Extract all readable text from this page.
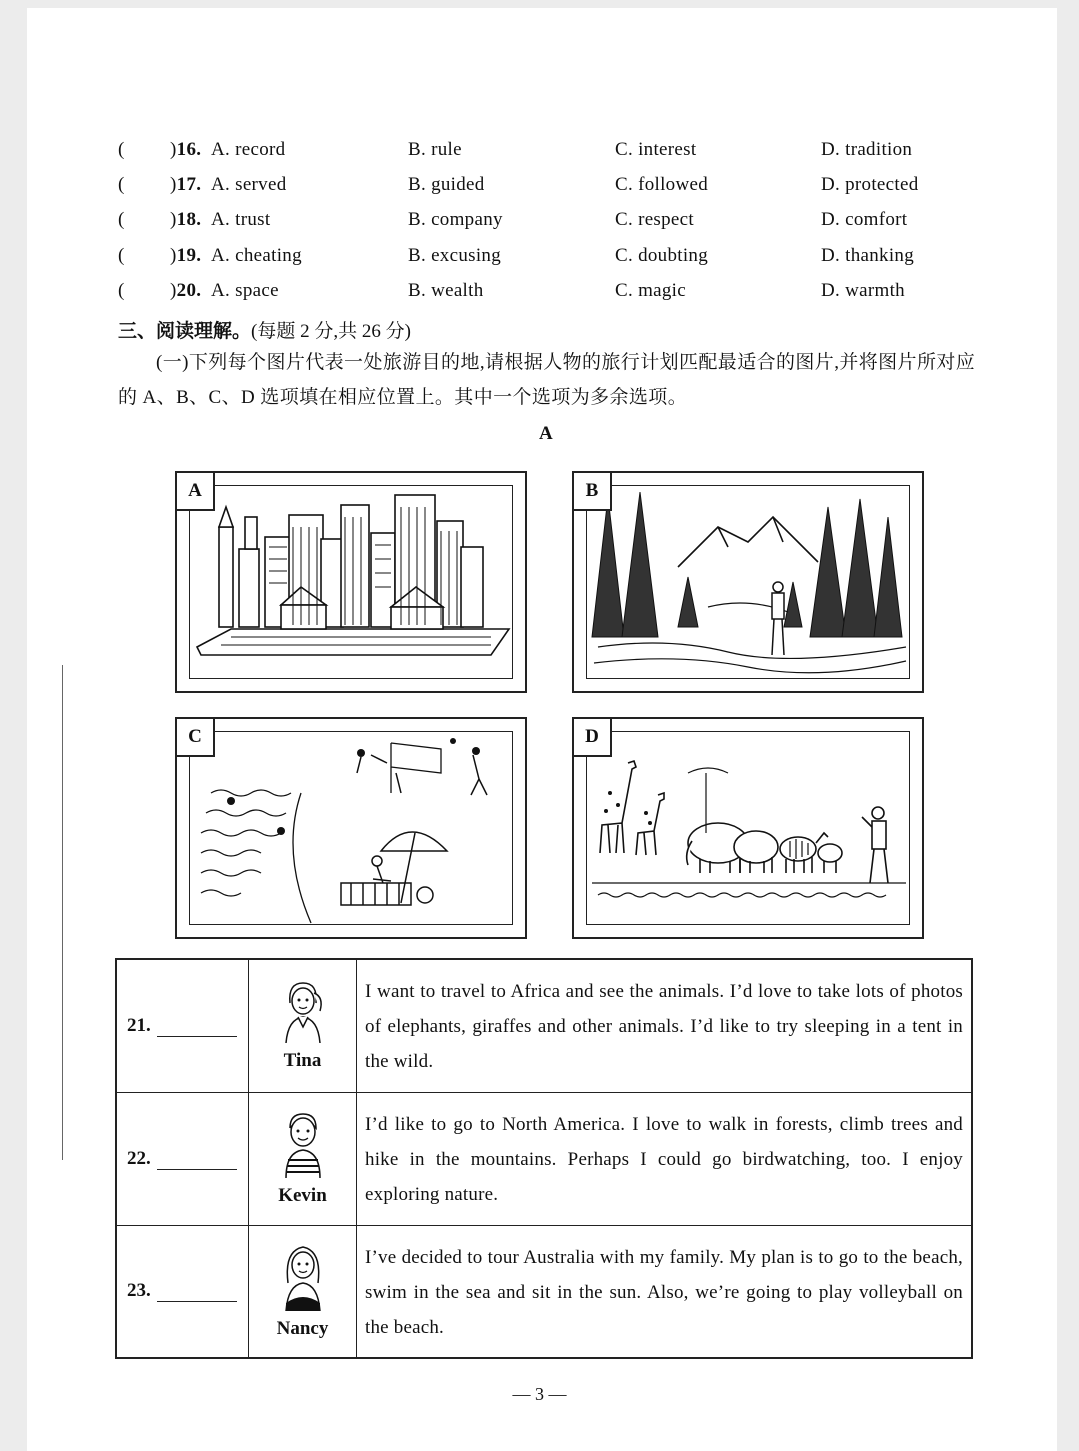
(	) 16. A. record	B. rule	C. interest	D. tradition
(	) 17. A. served	B. guided	C. followed	D. protected
(	) 18. A. trust	B. company	C. respect	D. comfort
(	) 19. A. cheating	B. excusing	C. doubting	D. thanking
(	) 20. A. space	B. wealth	C. magic	D. warmth
三、阅读理解。(每题 2 分,共 26 分)
(一)下列每个图片代表一处旅游目的地,请根据人物的旅行计划匹配最适合的图片,并将图片所对应的 A、B、C、D 选项填在相应位置上。其中一个选项为多余选项。
A
A	B
C	D
21.	Tina	I want to travel to Africa and see the animals. I’d love to take lots of photos of elephants, giraffes and other animals. I’d like to try sleeping in a tent in the wild.
22.	Kevin	I’d like to go to North America. I love to walk in forests, climb trees and hike in the mountains. Perhaps I could go birdwatching, too. I enjoy exploring nature.
23.	Nancy	I’ve decided to tour Australia with my family. My plan is to go to the beach, swim in the sea and sit in the sun. Also, we’re going to play volleyball on the beach.
— 3 —
